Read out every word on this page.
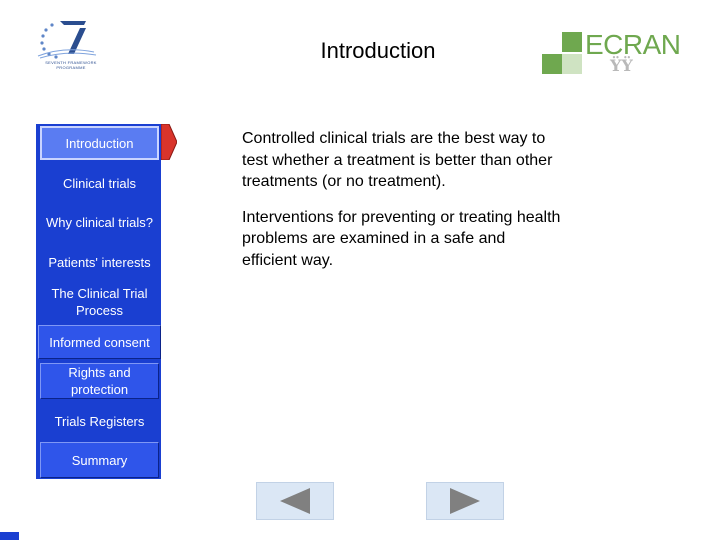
SEVENTH FRAMEWORK PROGRAMME
Introduction	ECRAN
ŸŸ
Introduction
Clinical trials
Why clinical trials?
Patients' interests
The Clinical Trial Process
Informed consent
Rights and protection
Trials Registers
Summary

Controlled clinical trials are the best way to test whether a treatment is better than other treatments (or no treatment).

Interventions for preventing or treating health problems are examined in a safe and efficient way.
